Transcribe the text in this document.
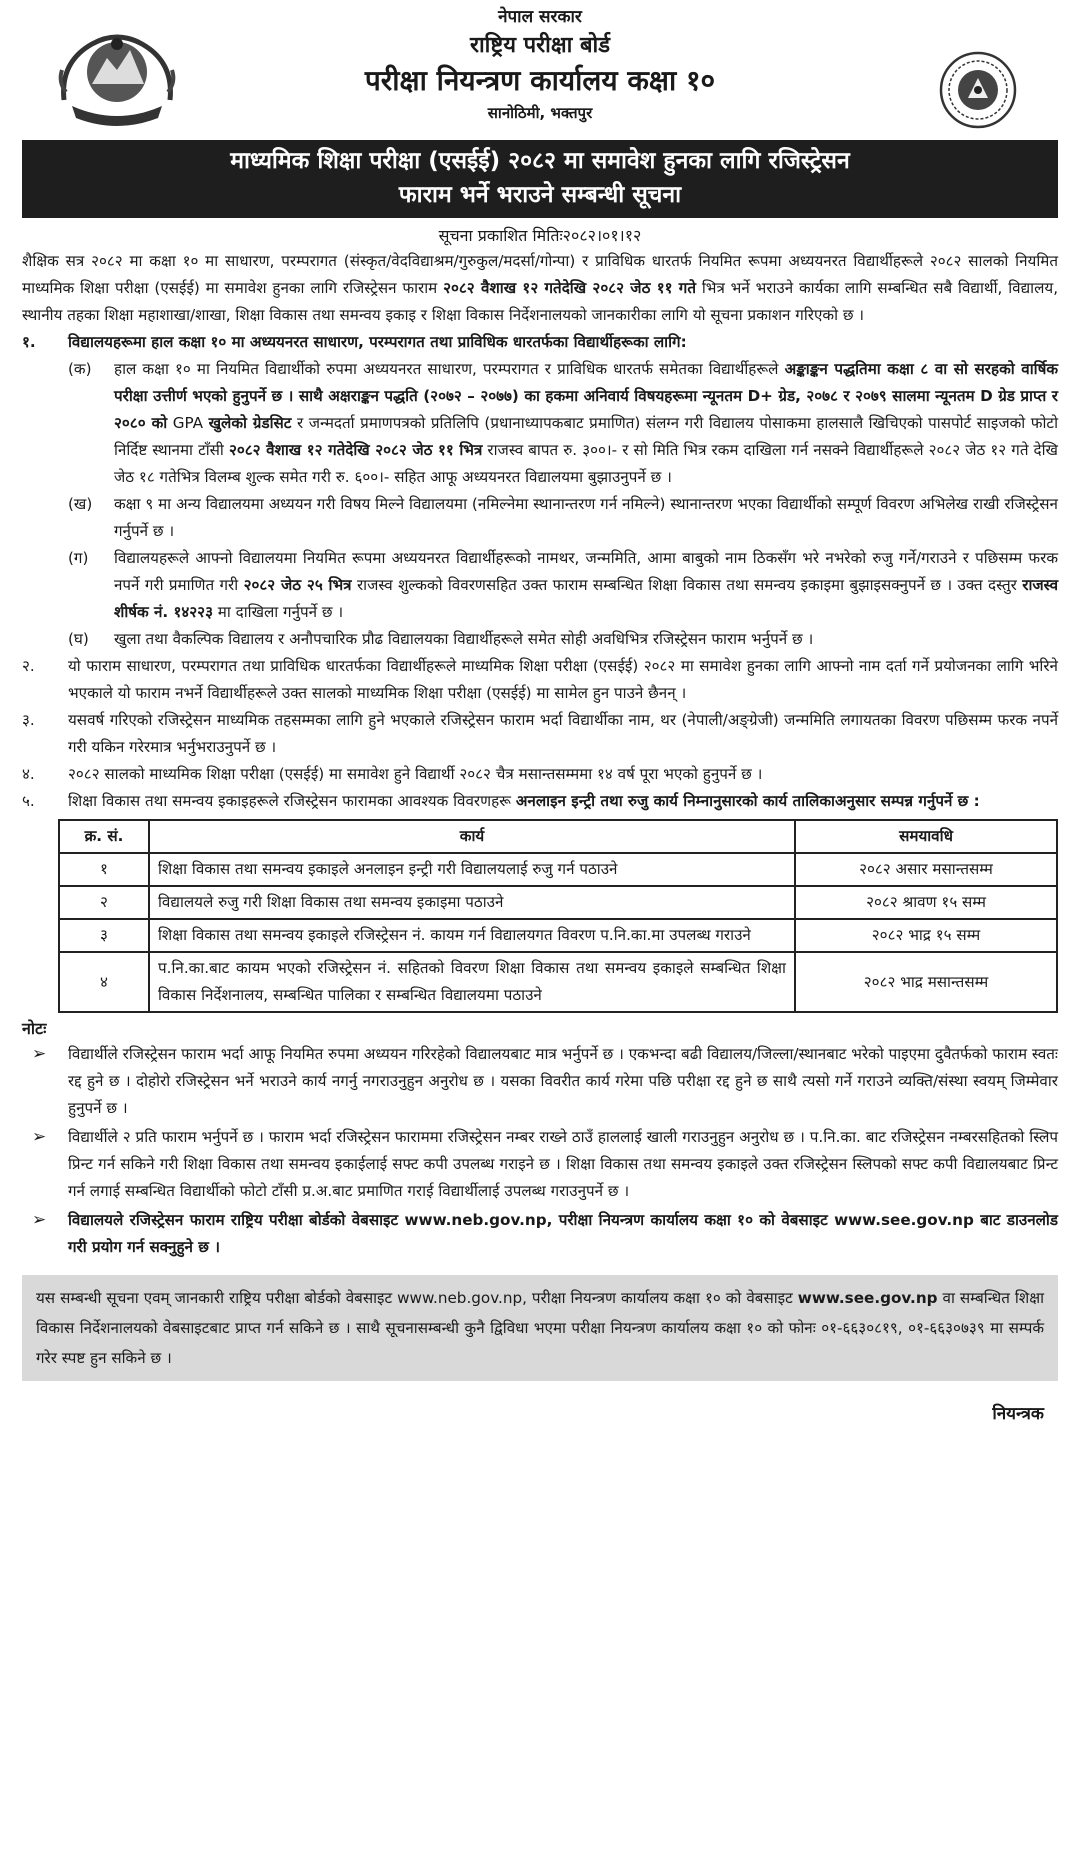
नेपाल सरकार
राष्ट्रिय परीक्षा बोर्ड
परीक्षा नियन्त्रण कार्यालय कक्षा १०
सानोठिमी, भक्तपुर
माध्यमिक शिक्षा परीक्षा (एसईई) २०८२ मा समावेश हुनका लागि रजिस्ट्रेसन
फाराम भर्ने भराउने सम्बन्धी सूचना
सूचना प्रकाशित मितिः२०८२।०१।१२
शैक्षिक सत्र २०८२ मा कक्षा १० मा साधारण, परम्परागत (संस्कृत/वेदविद्याश्रम/गुरुकुल/मदर्सा/गोन्पा) र प्राविधिक धारतर्फ नियमित रूपमा अध्ययनरत विद्यार्थीहरूले २०८२ सालको नियमित माध्यमिक शिक्षा परीक्षा (एसईई) मा समावेश हुनका लागि रजिस्ट्रेसन फाराम २०८२ वैशाख १२ गतेदेखि २०८२ जेठ ११ गते भित्र भर्ने भराउने कार्यका लागि सम्बन्धित सबै विद्यार्थी, विद्यालय, स्थानीय तहका शिक्षा महाशाखा/शाखा, शिक्षा विकास तथा समन्वय इकाइ र शिक्षा विकास निर्देशनालयको जानकारीका लागि यो सूचना प्रकाशन गरिएको छ ।
१. विद्यालयहरूमा हाल कक्षा १० मा अध्ययनरत साधारण, परम्परागत तथा प्राविधिक धारतर्फका विद्यार्थीहरूका लागि:
(क) हाल कक्षा १० मा नियमित विद्यार्थीको रुपमा अध्ययनरत साधारण, परम्परागत र प्राविधिक धारतर्फ समेतका विद्यार्थीहरूले अङ्काङ्कन पद्धतिमा कक्षा ८ वा सो सरहको वार्षिक परीक्षा उत्तीर्ण भएको हुनुपर्ने छ । साथै अक्षराङ्कन पद्धति (२०७२ – २०७७) का हकमा अनिवार्य विषयहरूमा न्यूनतम D+ ग्रेड, २०७८ र २०७९ सालमा न्यूनतम D ग्रेड प्राप्त र २०८० को GPA खुलेको ग्रेडसिट र जन्मदर्ता प्रमाणपत्रको प्रतिलिपि (प्रधानाध्यापकबाट प्रमाणित) संलग्न गरी विद्यालय पोसाकमा हालसालै खिचिएको पासपोर्ट साइजको फोटो निर्दिष्ट स्थानमा टाँसी २०८२ वैशाख १२ गतेदेखि २०८२ जेठ ११ भित्र राजस्व बापत रु. ३००।- र सो मिति भित्र रकम दाखिला गर्न नसक्ने विद्यार्थीहरूले २०८२ जेठ १२ गते देखि जेठ १८ गतेभित्र विलम्ब शुल्क समेत गरी रु. ६००।- सहित आफू अध्ययनरत विद्यालयमा बुझाउनुपर्ने छ ।
(ख) कक्षा ९ मा अन्य विद्यालयमा अध्ययन गरी विषय मिल्ने विद्यालयमा (नमिल्नेमा स्थानान्तरण गर्न नमिल्ने) स्थानान्तरण भएका विद्यार्थीको सम्पूर्ण विवरण अभिलेख राखी रजिस्ट्रेसन गर्नुपर्ने छ ।
(ग) विद्यालयहरूले आफ्नो विद्यालयमा नियमित रूपमा अध्ययनरत विद्यार्थीहरूको नामथर, जन्ममिति, आमा बाबुको नाम ठिकसँग भरे नभरेको रुजु गर्ने/गराउने र पछिसम्म फरक नपर्ने गरी प्रमाणित गरी २०८२ जेठ २५ भित्र राजस्व शुल्कको विवरणसहित उक्त फाराम सम्बन्धित शिक्षा विकास तथा समन्वय इकाइमा बुझाइसक्नुपर्ने छ । उक्त दस्तुर राजस्व शीर्षक नं. १४२२३ मा दाखिला गर्नुपर्ने छ ।
(घ) खुला तथा वैकल्पिक विद्यालय र अनौपचारिक प्रौढ विद्यालयका विद्यार्थीहरूले समेत सोही अवधिभित्र रजिस्ट्रेसन फाराम भर्नुपर्ने छ ।
२. यो फाराम साधारण, परम्परागत तथा प्राविधिक धारतर्फका विद्यार्थीहरूले माध्यमिक शिक्षा परीक्षा (एसईई) २०८२ मा समावेश हुनका लागि आफ्नो नाम दर्ता गर्ने प्रयोजनका लागि भरिने भएकाले यो फाराम नभर्ने विद्यार्थीहरूले उक्त सालको माध्यमिक शिक्षा परीक्षा (एसईई) मा सामेल हुन पाउने छैनन् ।
३. यसवर्ष गरिएको रजिस्ट्रेसन माध्यमिक तहसम्मका लागि हुने भएकाले रजिस्ट्रेसन फाराम भर्दा विद्यार्थीका नाम, थर (नेपाली/अङ्ग्रेजी) जन्ममिति लगायतका विवरण पछिसम्म फरक नपर्ने गरी यकिन गरेरमात्र भर्नुभराउनुपर्ने छ ।
४. २०८२ सालको माध्यमिक शिक्षा परीक्षा (एसईई) मा समावेश हुने विद्यार्थी २०८२ चैत्र मसान्तसम्ममा १४ वर्ष पूरा भएको हुनुपर्ने छ ।
५. शिक्षा विकास तथा समन्वय इकाइहरूले रजिस्ट्रेसन फारामका आवश्यक विवरणहरू अनलाइन इन्ट्री तथा रुजु कार्य निम्नानुसारको कार्य तालिकाअनुसार सम्पन्न गर्नुपर्ने छ :
क्र. सं.	कार्य	समयावधि
१	शिक्षा विकास तथा समन्वय इकाइले अनलाइन इन्ट्री गरी विद्यालयलाई रुजु गर्न पठाउने	२०८२ असार मसान्तसम्म
२	विद्यालयले रुजु गरी शिक्षा विकास तथा समन्वय इकाइमा पठाउने	२०८२ श्रावण १५ सम्म
३	शिक्षा विकास तथा समन्वय इकाइले रजिस्ट्रेसन नं. कायम गर्न विद्यालयगत विवरण प.नि.का.मा उपलब्ध गराउने	२०८२ भाद्र १५ सम्म
४	प.नि.का.बाट कायम भएको रजिस्ट्रेसन नं. सहितको विवरण शिक्षा विकास तथा समन्वय इकाइले सम्बन्धित शिक्षा विकास निर्देशनालय, सम्बन्धित पालिका र सम्बन्धित विद्यालयमा पठाउने	२०८२ भाद्र मसान्तसम्म
नोटः
➢ विद्यार्थीले रजिस्ट्रेसन फाराम भर्दा आफू नियमित रुपमा अध्ययन गरिरहेको विद्यालयबाट मात्र भर्नुपर्ने छ । एकभन्दा बढी विद्यालय/जिल्ला/स्थानबाट भरेको पाइएमा दुवैतर्फको फाराम स्वतः रद्द हुने छ । दोहोरो रजिस्ट्रेसन भर्ने भराउने कार्य नगर्नु नगराउनुहुन अनुरोध छ । यसका विवरीत कार्य गरेमा पछि परीक्षा रद्द हुने छ साथै त्यसो गर्ने गराउने व्यक्ति/संस्था स्वयम् जिम्मेवार हुनुपर्ने छ ।
➢ विद्यार्थीले २ प्रति फाराम भर्नुपर्ने छ । फाराम भर्दा रजिस्ट्रेसन फाराममा रजिस्ट्रेसन नम्बर राख्ने ठाउँ हाललाई खाली गराउनुहुन अनुरोध छ । प.नि.का. बाट रजिस्ट्रेसन नम्बरसहितको स्लिप प्रिन्ट गर्न सकिने गरी शिक्षा विकास तथा समन्वय इकाईलाई सफ्ट कपी उपलब्ध गराइने छ । शिक्षा विकास तथा समन्वय इकाइले उक्त रजिस्ट्रेसन स्लिपको सफ्ट कपी विद्यालयबाट प्रिन्ट गर्न लगाई सम्बन्धित विद्यार्थीको फोटो टाँसी प्र.अ.बाट प्रमाणित गराई विद्यार्थीलाई उपलब्ध गराउनुपर्ने छ ।
➢ विद्यालयले रजिस्ट्रेसन फाराम राष्ट्रिय परीक्षा बोर्डको वेबसाइट www.neb.gov.np, परीक्षा नियन्त्रण कार्यालय कक्षा १० को वेबसाइट www.see.gov.np बाट डाउनलोड गरी प्रयोग गर्न सक्नुहुने छ ।
यस सम्बन्धी सूचना एवम् जानकारी राष्ट्रिय परीक्षा बोर्डको वेबसाइट www.neb.gov.np, परीक्षा नियन्त्रण कार्यालय कक्षा १० को वेबसाइट www.see.gov.np वा सम्बन्धित शिक्षा विकास निर्देशनालयको वेबसाइटबाट प्राप्त गर्न सकिने छ । साथै सूचनासम्बन्धी कुनै द्विविधा भएमा परीक्षा नियन्त्रण कार्यालय कक्षा १० को फोनः ०१-६६३०८१९, ०१-६६३०७३९ मा सम्पर्क गरेर स्पष्ट हुन सकिने छ ।
नियन्त्रक
